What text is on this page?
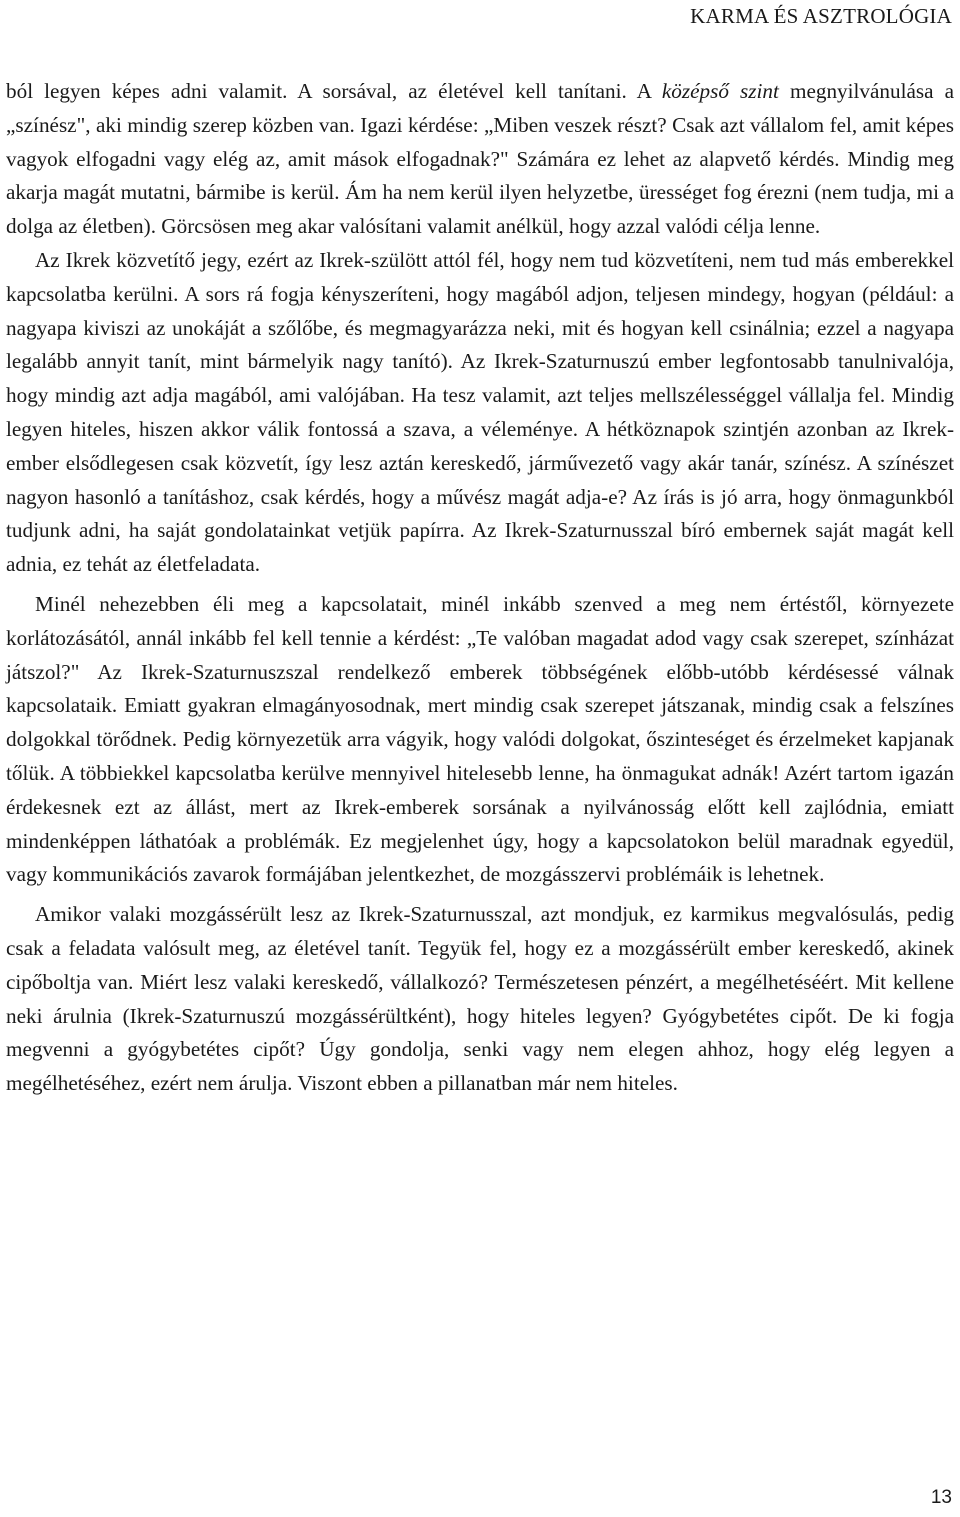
KARMA ÉS ASZTROLÓGIA

ból legyen képes adni valamit. A sorsával, az életével kell tanítani. A középső szint megnyilvánulása a „színész", aki mindig szerep közben van. Igazi kérdése: „Miben veszek részt? Csak azt vállalom fel, amit képes vagyok elfogadni vagy elég az, amit mások elfogadnak?" Számára ez lehet az alapvető kérdés. Mindig meg akarja magát mutatni, bármibe is kerül. Ám ha nem kerül ilyen helyzetbe, ürességet fog érezni (nem tudja, mi a dolga az életben). Görcsösen meg akar valósítani valamit anélkül, hogy azzal valódi célja lenne.

Az Ikrek közvetítő jegy, ezért az Ikrek-szülött attól fél, hogy nem tud közvetíteni, nem tud más emberekkel kapcsolatba kerülni. A sors rá fogja kényszeríteni, hogy magából adjon, teljesen mindegy, hogyan (például: a nagyapa kiviszi az unokáját a szőlőbe, és megmagyarázza neki, mit és hogyan kell csinálnia; ezzel a nagyapa legalább annyit tanít, mint bármelyik nagy tanító). Az Ikrek-Szaturnuszú ember legfontosabb tanulnivalója, hogy mindig azt adja magából, ami valójában. Ha tesz valamit, azt teljes mellszélességgel vállalja fel. Mindig legyen hiteles, hiszen akkor válik fontossá a szava, a véleménye. A hétköznapok szintjén azonban az Ikrek-ember elsődlegesen csak közvetít, így lesz aztán kereskedő, járművezető vagy akár tanár, színész. A színészet nagyon hasonló a tanításhoz, csak kérdés, hogy a művész magát adja-e? Az írás is jó arra, hogy önmagunkból tudjunk adni, ha saját gondolatainkat vetjük papírra. Az Ikrek-Szaturnusszal bíró embernek saját magát kell adnia, ez tehát az életfeladata.

Minél nehezebben éli meg a kapcsolatait, minél inkább szenved a meg nem értéstől, környezete korlátozásától, annál inkább fel kell tennie a kérdést: „Te valóban magadat adod vagy csak szerepet, színházat játszol?" Az Ikrek-Szaturnuszszal rendelkező emberek többségének előbb-utóbb kérdésessé válnak kapcsolataik. Emiatt gyakran elmagányosodnak, mert mindig csak szerepet játszanak, mindig csak a felszínes dolgokkal törődnek. Pedig környezetük arra vágyik, hogy valódi dolgokat, őszinteséget és érzelmeket kapjanak tőlük. A többiekkel kapcsolatba kerülve mennyivel hitelesebb lenne, ha önmagukat adnák! Azért tartom igazán érdekesnek ezt az állást, mert az Ikrek-emberek sorsának a nyilvánosság előtt kell zajlódnia, emiatt mindenképpen láthatóak a problémák. Ez megjelenhet úgy, hogy a kapcsolatokon belül maradnak egyedül, vagy kommunikációs zavarok formájában jelentkezhet, de mozgásszervi problémáik is lehetnek.

Amikor valaki mozgássérült lesz az Ikrek-Szaturnusszal, azt mondjuk, ez karmikus megvalósulás, pedig csak a feladata valósult meg, az életével tanít. Tegyük fel, hogy ez a mozgássérült ember kereskedő, akinek cipőboltja van. Miért lesz valaki kereskedő, vállalkozó? Természetesen pénzért, a megélhetéséért. Mit kellene neki árulnia (Ikrek-Szaturnuszú mozgássérültként), hogy hiteles legyen? Gyógybetétes cipőt. De ki fogja megvenni a gyógybetétes cipőt? Úgy gondolja, senki vagy nem elegen ahhoz, hogy elég legyen a megélhetéséhez, ezért nem árulja. Viszont ebben a pillanatban már nem hiteles.

13
